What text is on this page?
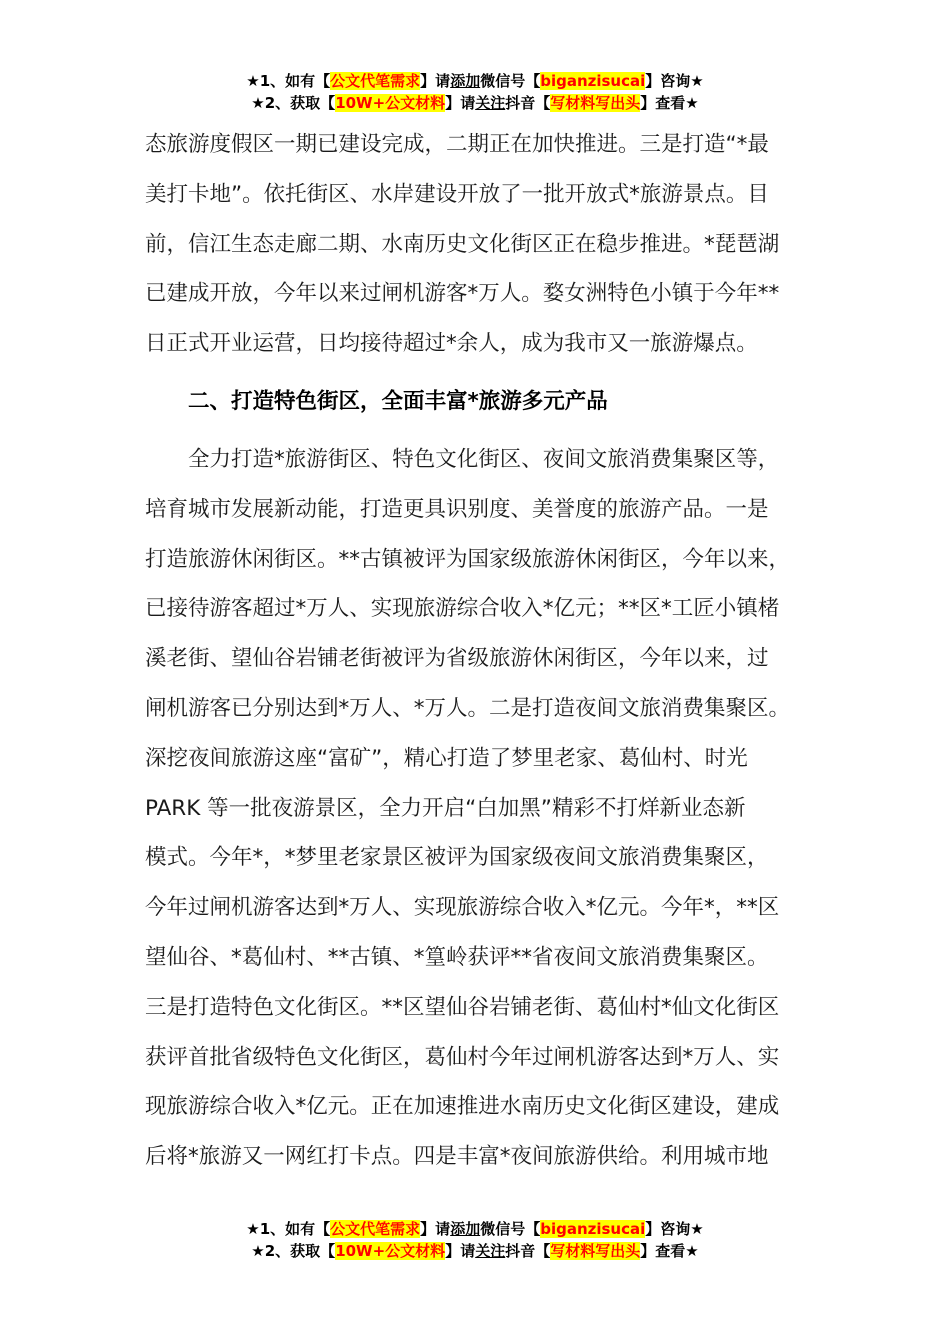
★1、如有【公文代笔需求】请添加微信号【biganzisucai】咨询★
★2、获取【10W+公文材料】请关注抖音【写材料写出头】查看★

态旅游度假区一期已建设完成，二期正在加快推进。三是打造“*最
美打卡地”。依托街区、水岸建设开放了一批开放式*旅游景点。目
前，信江生态走廊二期、水南历史文化街区正在稳步推进。*琵琶湖
已建成开放，今年以来过闸机游客*万人。婺女洲特色小镇于今年**
日正式开业运营，日均接待超过*余人，成为我市又一旅游爆点。

二、打造特色街区，全面丰富*旅游多元产品

全力打造*旅游街区、特色文化街区、夜间文旅消费集聚区等，
培育城市发展新动能，打造更具识别度、美誉度的旅游产品。一是
打造旅游休闲街区。**古镇被评为国家级旅游休闲街区，今年以来，
已接待游客超过*万人、实现旅游综合收入*亿元；**区*工匠小镇楮
溪老街、望仙谷岩铺老街被评为省级旅游休闲街区，今年以来，过
闸机游客已分别达到*万人、*万人。二是打造夜间文旅消费集聚区。
深挖夜间旅游这座“富矿”，精心打造了梦里老家、葛仙村、时光
PARK 等一批夜游景区，全力开启“白加黑”精彩不打烊新业态新
模式。今年*，*梦里老家景区被评为国家级夜间文旅消费集聚区，
今年过闸机游客达到*万人、实现旅游综合收入*亿元。今年*，**区
望仙谷、*葛仙村、**古镇、*篁岭获评**省夜间文旅消费集聚区。
三是打造特色文化街区。**区望仙谷岩铺老街、葛仙村*仙文化街区
获评首批省级特色文化街区，葛仙村今年过闸机游客达到*万人、实
现旅游综合收入*亿元。正在加速推进水南历史文化街区建设，建成
后将*旅游又一网红打卡点。四是丰富*夜间旅游供给。利用城市地

★1、如有【公文代笔需求】请添加微信号【biganzisucai】咨询★
★2、获取【10W+公文材料】请关注抖音【写材料写出头】查看★
